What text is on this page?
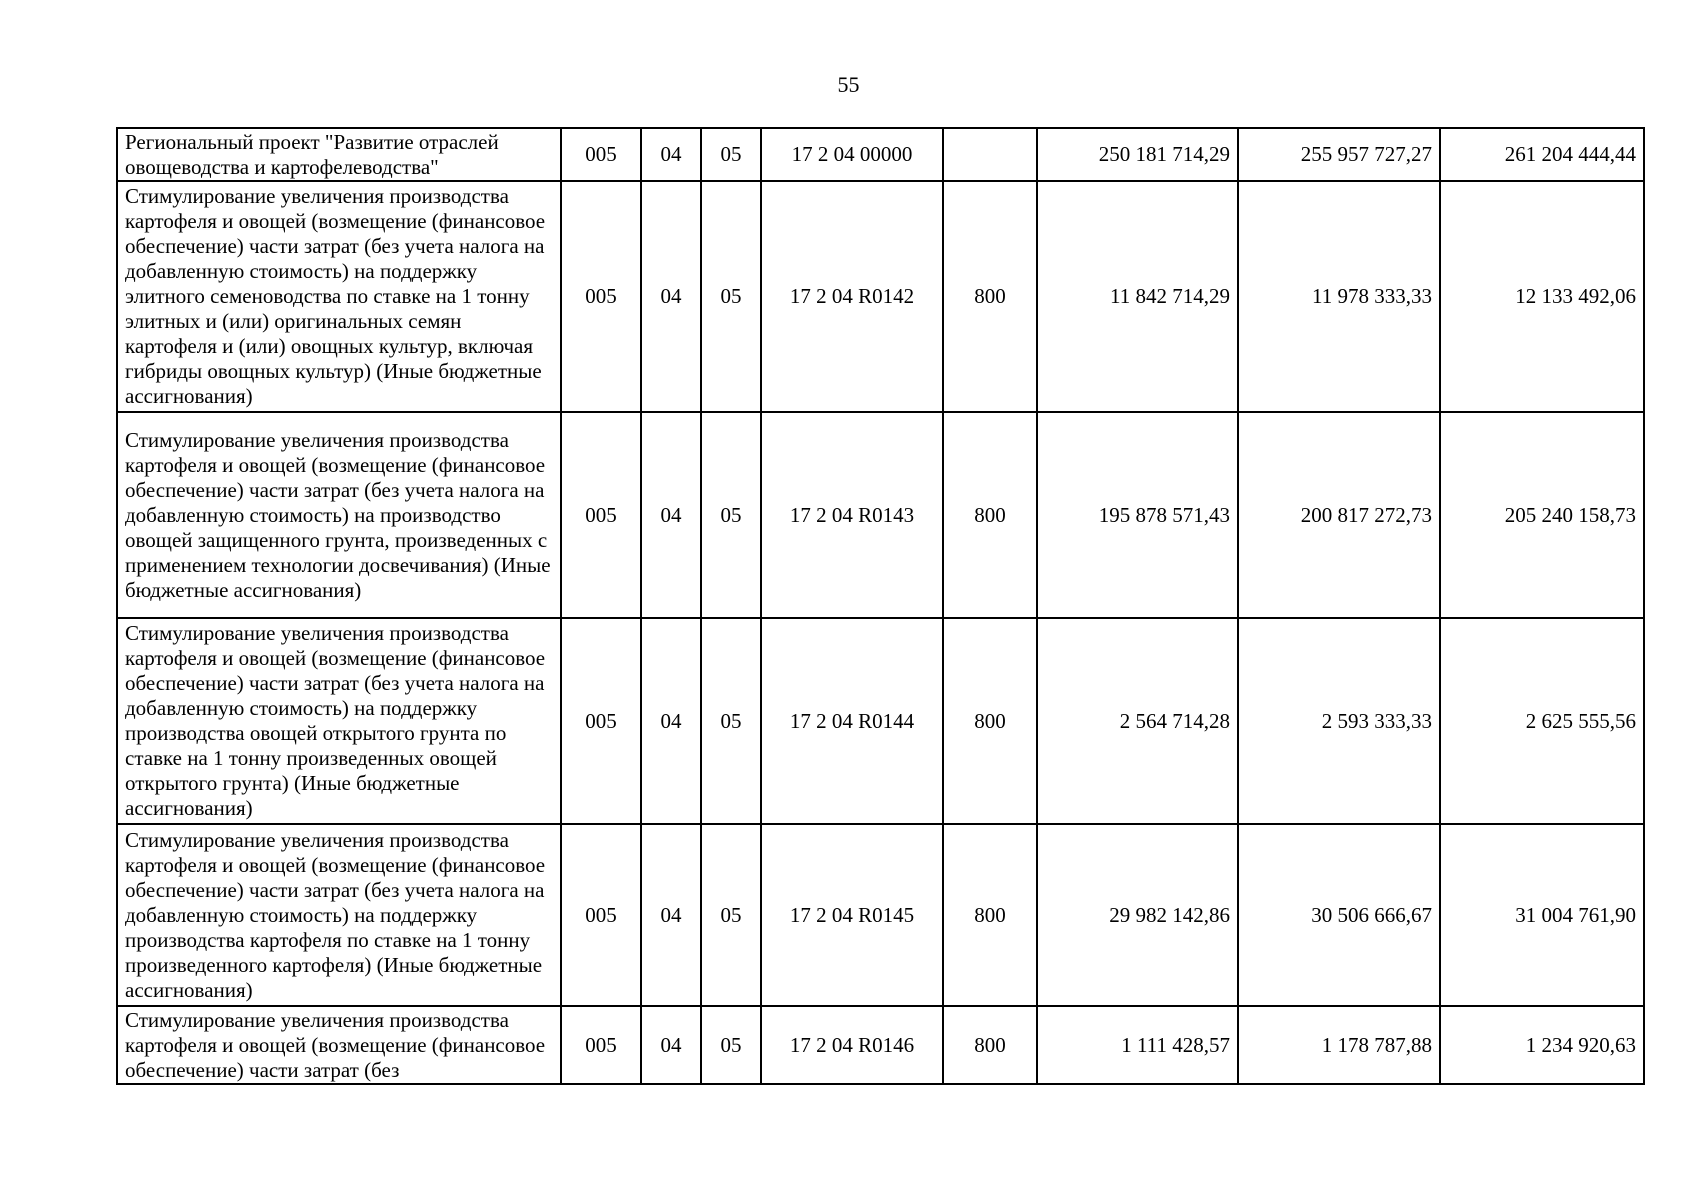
55
Региональный проект "Развитие отраслей овощеводства и картофелеводства"	005	04	05	17 2 04 00000		250 181 714,29	255 957 727,27	261 204 444,44
Стимулирование увеличения производства картофеля и овощей (возмещение (финансовое обеспечение) части затрат (без учета налога на добавленную стоимость) на поддержку элитного семеноводства по ставке на 1 тонну элитных и (или) оригинальных семян картофеля и (или) овощных культур, включая гибриды овощных культур) (Иные бюджетные ассигнования)	005	04	05	17 2 04 R0142	800	11 842 714,29	11 978 333,33	12 133 492,06
Стимулирование увеличения производства картофеля и овощей (возмещение (финансовое обеспечение) части затрат (без учета налога на добавленную стоимость) на производство овощей защищенного грунта, произведенных с применением технологии досвечивания) (Иные бюджетные ассигнования)	005	04	05	17 2 04 R0143	800	195 878 571,43	200 817 272,73	205 240 158,73
Стимулирование увеличения производства картофеля и овощей (возмещение (финансовое обеспечение) части затрат (без учета налога на добавленную стоимость) на поддержку производства овощей открытого грунта по ставке на 1 тонну произведенных овощей открытого грунта) (Иные бюджетные ассигнования)	005	04	05	17 2 04 R0144	800	2 564 714,28	2 593 333,33	2 625 555,56
Стимулирование увеличения производства картофеля и овощей (возмещение (финансовое обеспечение) части затрат (без учета налога на добавленную стоимость) на поддержку производства картофеля по ставке на 1 тонну произведенного картофеля) (Иные бюджетные ассигнования)	005	04	05	17 2 04 R0145	800	29 982 142,86	30 506 666,67	31 004 761,90
Стимулирование увеличения производства картофеля и овощей (возмещение (финансовое обеспечение) части затрат (без	005	04	05	17 2 04 R0146	800	1 111 428,57	1 178 787,88	1 234 920,63
